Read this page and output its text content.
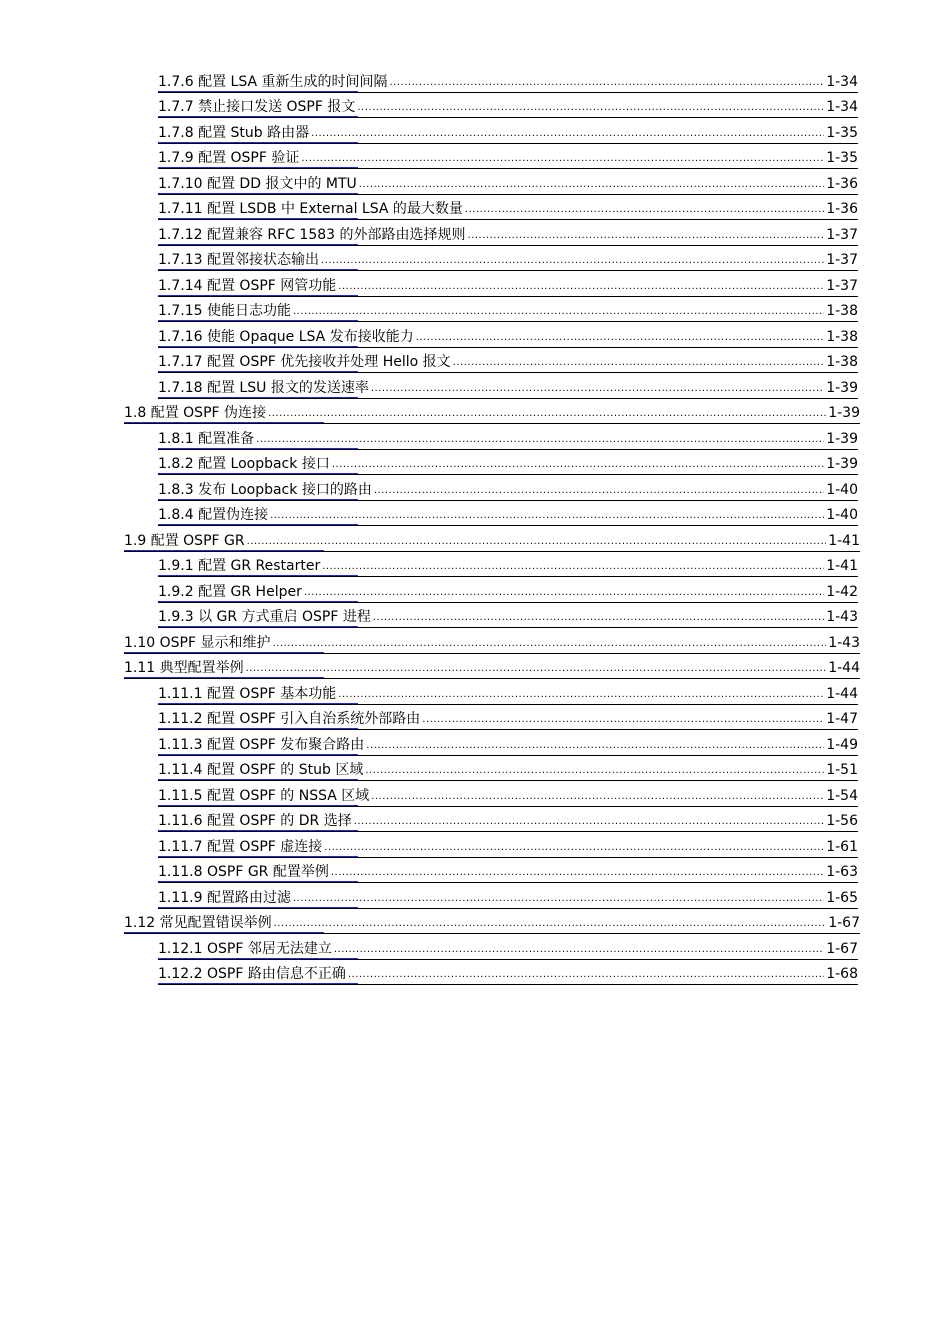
1.7.6 配置 LSA 重新生成的时间间隔 .....	1-34
1.7.7 禁止接口发送 OSPF 报文 .....	1-34
1.7.8 配置 Stub 路由器 .....	1-35
1.7.9 配置 OSPF 验证 .....	1-35
1.7.10 配置 DD 报文中的 MTU .....	1-36
1.7.11 配置 LSDB 中 External LSA 的最大数量 .....	1-36
1.7.12 配置兼容 RFC 1583 的外部路由选择规则 .....	1-37
1.7.13 配置邻接状态输出 .....	1-37
1.7.14 配置 OSPF 网管功能 .....	1-37
1.7.15 使能日志功能 .....	1-38
1.7.16 使能 Opaque LSA 发布接收能力 .....	1-38
1.7.17 配置 OSPF 优先接收并处理 Hello 报文 .....	1-38
1.7.18 配置 LSU 报文的发送速率 .....	1-39
1.8 配置 OSPF 伪连接 .....	1-39
1.8.1 配置准备 .....	1-39
1.8.2 配置 Loopback 接口 .....	1-39
1.8.3 发布 Loopback 接口的路由 .....	1-40
1.8.4 配置伪连接 .....	1-40
1.9 配置 OSPF GR .....	1-41
1.9.1 配置 GR Restarter .....	1-41
1.9.2 配置 GR Helper .....	1-42
1.9.3 以 GR 方式重启 OSPF 进程 .....	1-43
1.10 OSPF 显示和维护 .....	1-43
1.11 典型配置举例 .....	1-44
1.11.1 配置 OSPF 基本功能 .....	1-44
1.11.2 配置 OSPF 引入自治系统外部路由 .....	1-47
1.11.3 配置 OSPF 发布聚合路由 .....	1-49
1.11.4 配置 OSPF 的 Stub 区域 .....	1-51
1.11.5 配置 OSPF 的 NSSA 区域 .....	1-54
1.11.6 配置 OSPF 的 DR 选择 .....	1-56
1.11.7 配置 OSPF 虚连接 .....	1-61
1.11.8 OSPF GR 配置举例 .....	1-63
1.11.9 配置路由过滤 .....	1-65
1.12 常见配置错误举例 .....	1-67
1.12.1 OSPF 邻居无法建立 .....	1-67
1.12.2 OSPF 路由信息不正确 .....	1-68
